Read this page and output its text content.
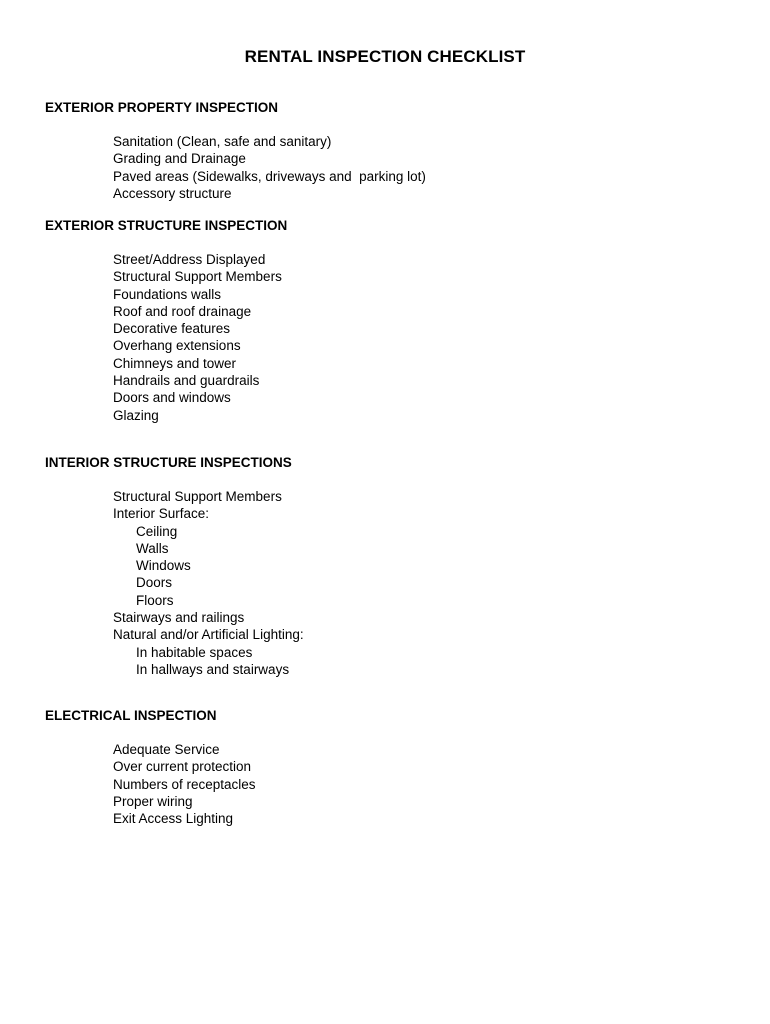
RENTAL INSPECTION CHECKLIST
EXTERIOR PROPERTY INSPECTION
Sanitation (Clean, safe and sanitary)
Grading and Drainage
Paved areas (Sidewalks, driveways and  parking lot)
Accessory structure
EXTERIOR STRUCTURE INSPECTION
Street/Address Displayed
Structural Support Members
Foundations walls
Roof and roof drainage
Decorative features
Overhang extensions
Chimneys and tower
Handrails and guardrails
Doors and windows
Glazing
INTERIOR STRUCTURE INSPECTIONS
Structural Support Members
Interior Surface:
Ceiling
Walls
Windows
Doors
Floors
Stairways and railings
Natural and/or Artificial Lighting:
In habitable spaces
In hallways and stairways
ELECTRICAL INSPECTION
Adequate Service
Over current protection
Numbers of receptacles
Proper wiring
Exit Access Lighting
